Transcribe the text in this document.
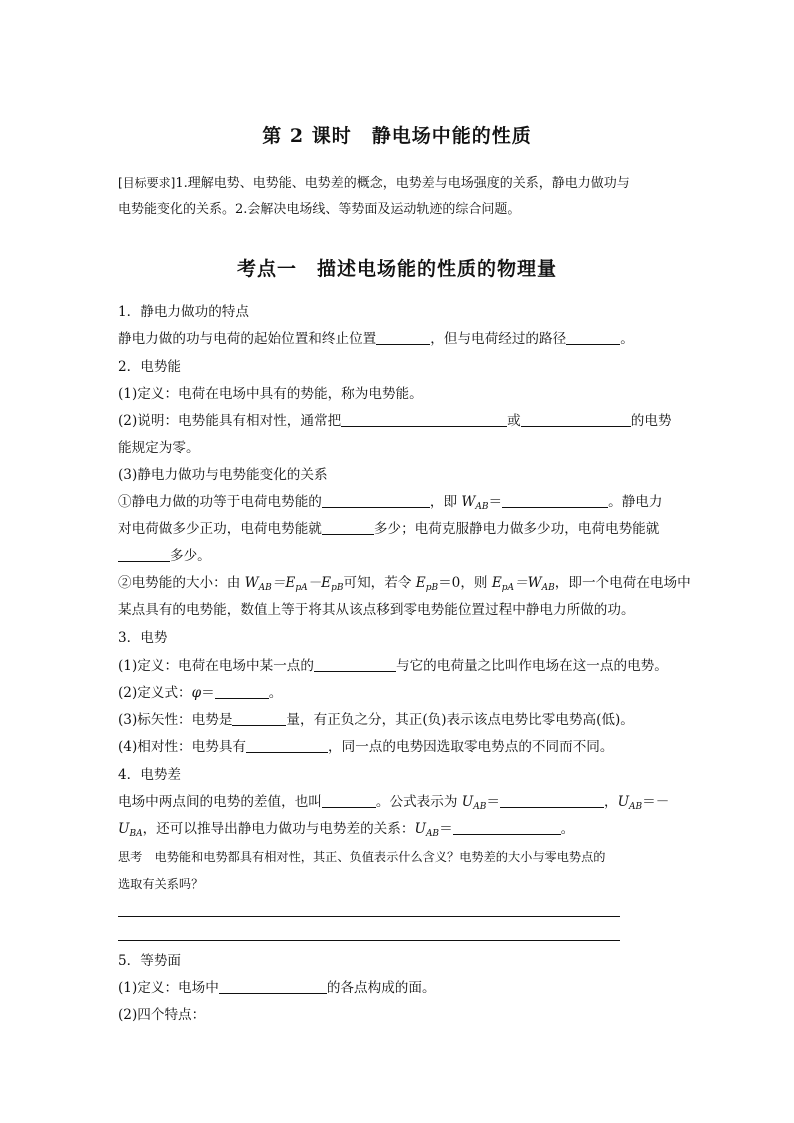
第 2 课时　静电场中能的性质
[目标要求]1.理解电势、电势能、电势差的概念，电势差与电场强度的关系，静电力做功与
电势能变化的关系。2.会解决电场线、等势面及运动轨迹的综合问题。
考点一　描述电场能的性质的物理量
1．静电力做功的特点
静电力做的功与电荷的起始位置和终止位置	，但与电荷经过的路径	。
2．电势能
(1)定义：电荷在电场中具有的势能，称为电势能。
(2)说明：电势能具有相对性，通常把	或	的电势
能规定为零。
(3)静电力做功与电势能变化的关系
①静电力做的功等于电荷电势能的	，即 $W_{AB}=$	。静电力
对电荷做多少正功，电荷电势能就	多少；电荷克服静电力做多少功，电荷电势能就
多少。
②电势能的大小：由 $W_{AB}=E_{pA}-E_{pB}$可知，若令 $E_{pB}=0$，则 $E_{pA}=W_{AB}$，即一个电荷在电场中
某点具有的电势能，数值上等于将其从该点移到零电势能位置过程中静电力所做的功。
3．电势
(1)定义：电荷在电场中某一点的	与它的电荷量之比叫作电场在这一点的电势。
(2)定义式：φ＝	。
(3)标矢性：电势是	量，有正负之分，其正(负)表示该点电势比零电势高(低)。
(4)相对性：电势具有	，同一点的电势因选取零电势点的不同而不同。
4．电势差
电场中两点间的电势的差值，也叫	。公式表示为 $U_{AB}=$	，$U_{AB}=-$
$U_{BA}$，还可以推导出静电力做功与电势差的关系：$U_{AB}=$	。
思考　电势能和电势都具有相对性，其正、负值表示什么含义？电势差的大小与零电势点的
选取有关系吗？
5．等势面
(1)定义：电场中	的各点构成的面。
(2)四个特点：
